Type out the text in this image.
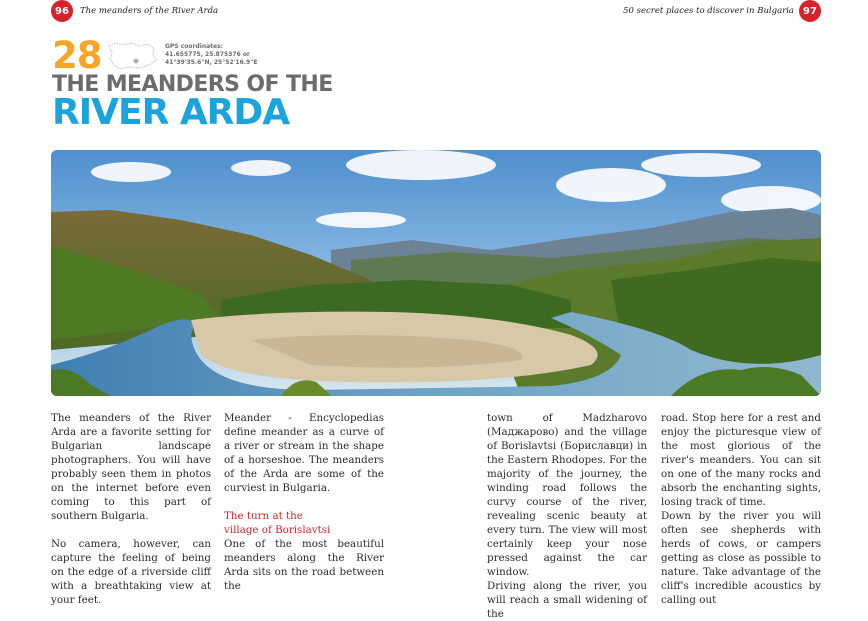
96	The meanders of the River Arda	50 secret places to discover in Bulgaria 97
28	GPS coordinates:
41.655775, 25.875376 or
41°39'35.6"N, 25°52'16.9"E
THE MEANDERS OF THE
RIVER ARDA

The meanders of the River Arda are a favorite setting for Bulgarian landscape photographers. You will have probably seen them in photos on the internet before even coming to this part of southern Bulgaria.

No camera, however, can capture the feeling of being on the edge of a riverside cliff with a breathtaking view at your feet.

Meander - Encyclopedias define meander as a curve of a river or stream in the shape of a horseshoe. The meanders of the Arda are some of the curviest in Bulgaria.

The turn at the

village of Borislavtsi

One of the most beautiful meanders along the River Arda sits on the road between the

town of Madzharovo (Маджарово) and the village of Borislavtsi (Бориславци) in the Eastern Rhodopes. For the majority of the journey, the winding road follows the curvy course of the river, revealing scenic beauty at every turn. The view will most certainly keep your nose pressed against the car window.

Driving along the river, you will reach a small widening of the

road. Stop here for a rest and enjoy the picturesque view of the most glorious of the river's meanders. You can sit on one of the many rocks and absorb the enchanting sights, losing track of time.

Down by the river you will often see shepherds with herds of cows, or campers getting as close as possible to nature. Take advantage of the cliff's incredible acoustics by calling out
